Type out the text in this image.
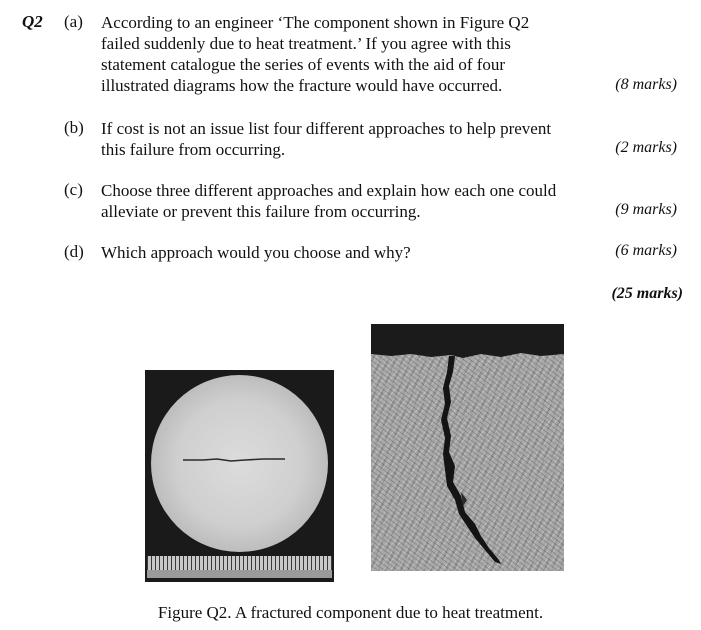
Q2 (a) According to an engineer ‘The component shown in Figure Q2
failed suddenly due to heat treatment.’ If you agree with this
statement catalogue the series of events with the aid of four
illustrated diagrams how the fracture would have occurred.	(8 marks)
(b) If cost is not an issue list four different approaches to help prevent
this failure from occurring.	(2 marks)
(c) Choose three different approaches and explain how each one could
alleviate or prevent this failure from occurring.	(9 marks)
(d) Which approach would you choose and why?	(6 marks)
(25 marks)
Figure Q2. A fractured component due to heat treatment.
